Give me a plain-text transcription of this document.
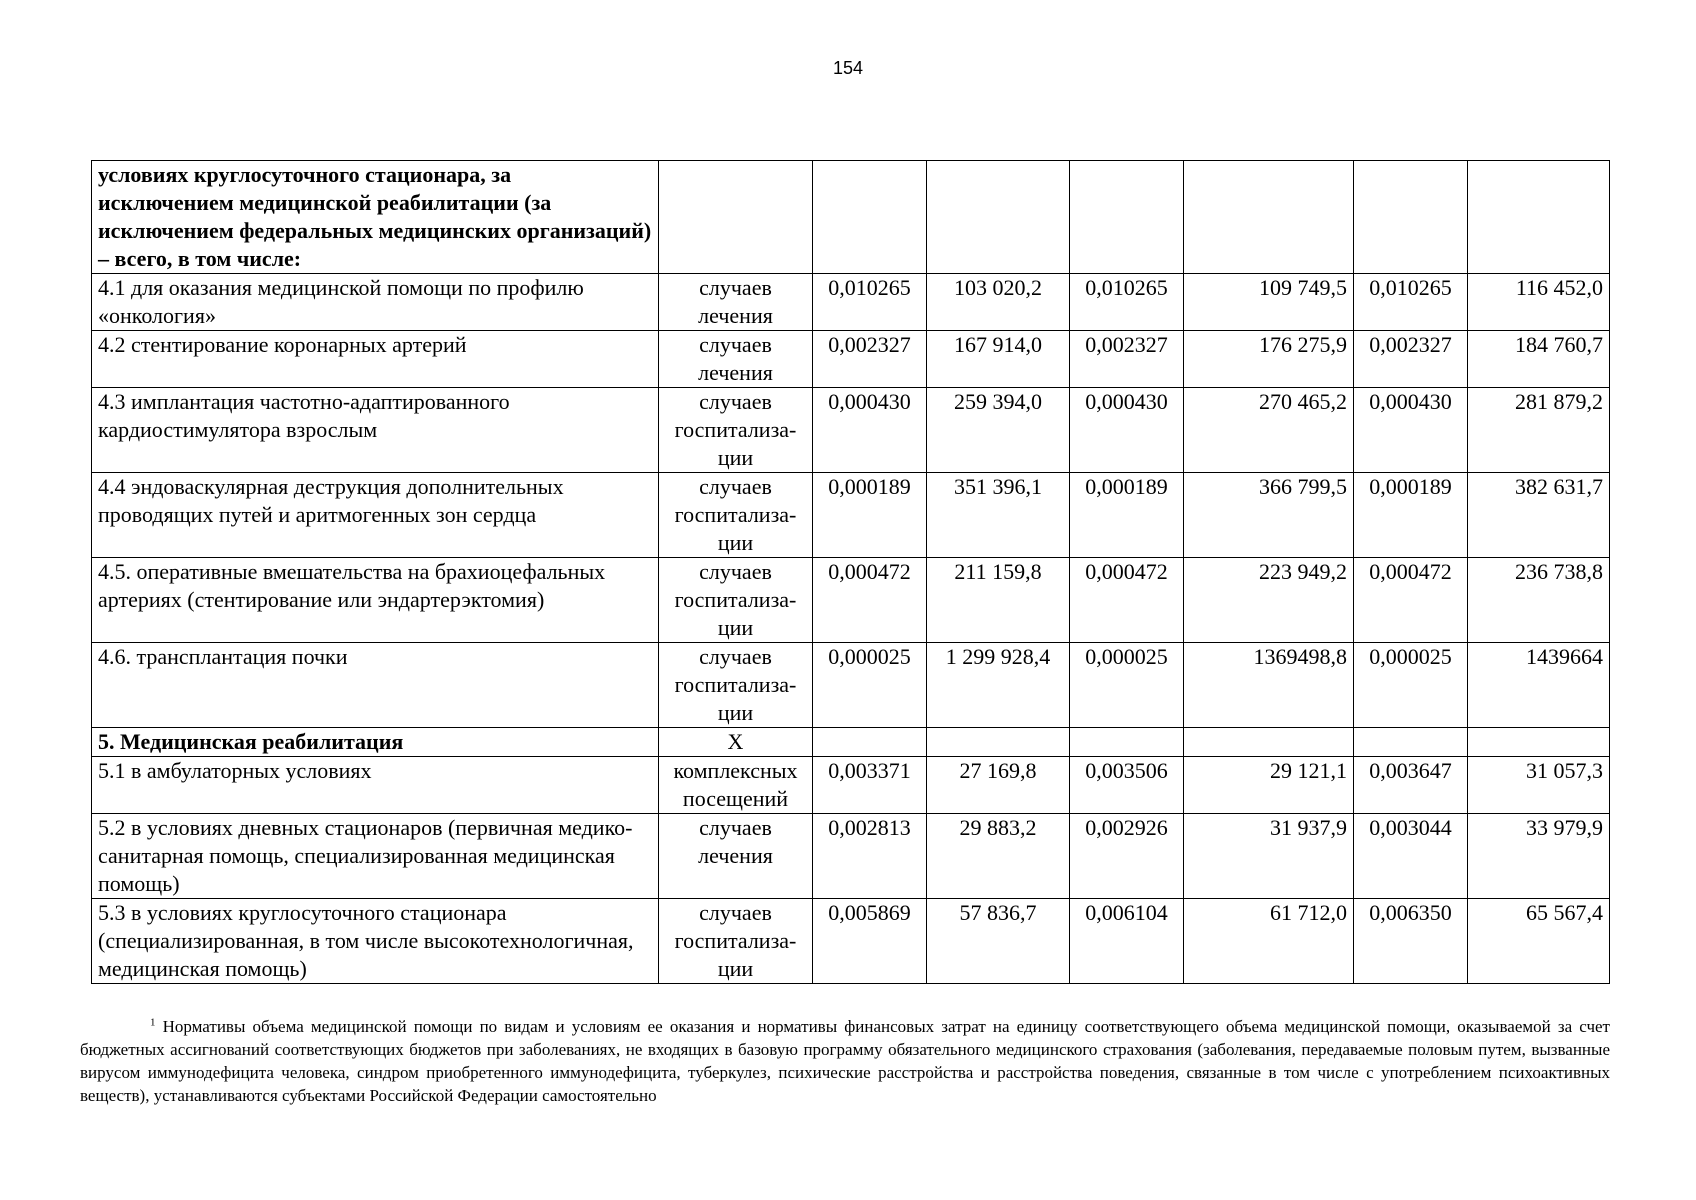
154
условиях круглосуточного стационара, за исключением медицинской реабилитации (за исключением федеральных медицинских организаций) – всего, в том числе:							
4.1 для оказания медицинской помощи по профилю «онкология»	случаев лечения	0,010265	103 020,2	0,010265	109 749,5	0,010265	116 452,0
4.2 стентирование коронарных артерий	случаев лечения	0,002327	167 914,0	0,002327	176 275,9	0,002327	184 760,7
4.3 имплантация частотно-адаптированного кардиостимулятора взрослым	случаев госпитализа-ции	0,000430	259 394,0	0,000430	270 465,2	0,000430	281 879,2
4.4 эндоваскулярная деструкция дополнительных проводящих путей и аритмогенных зон сердца	случаев госпитализа-ции	0,000189	351 396,1	0,000189	366 799,5	0,000189	382 631,7
4.5. оперативные вмешательства на брахиоцефальных артериях (стентирование или эндартерэктомия)	случаев госпитализа-ции	0,000472	211 159,8	0,000472	223 949,2	0,000472	236 738,8
4.6. трансплантация почки	случаев госпитализа-ции	0,000025	1 299 928,4	0,000025	1369498,8	0,000025	1439664
5. Медицинская реабилитация	Х						
5.1 в амбулаторных условиях	комплексных посещений	0,003371	27 169,8	0,003506	29 121,1	0,003647	31 057,3
5.2 в условиях дневных стационаров (первичная медико-санитарная помощь, специализированная медицинская помощь)	случаев лечения	0,002813	29 883,2	0,002926	31 937,9	0,003044	33 979,9
5.3 в условиях круглосуточного стационара (специализированная, в том числе высокотехнологичная, медицинская помощь)	случаев госпитализа-ции	0,005869	57 836,7	0,006104	61 712,0	0,006350	65 567,4
$^1$ Нормативы объема медицинской помощи по видам и условиям ее оказания и нормативы финансовых затрат на единицу соответствующего объема медицинской помощи, оказываемой за счет бюджетных ассигнований соответствующих бюджетов при заболеваниях, не входящих в базовую программу обязательного медицинского страхования (заболевания, передаваемые половым путем, вызванные вирусом иммунодефицита человека, синдром приобретенного иммунодефицита, туберкулез, психические расстройства и расстройства поведения, связанные в том числе с употреблением психоактивных веществ), устанавливаются субъектами Российской Федерации самостоятельно
